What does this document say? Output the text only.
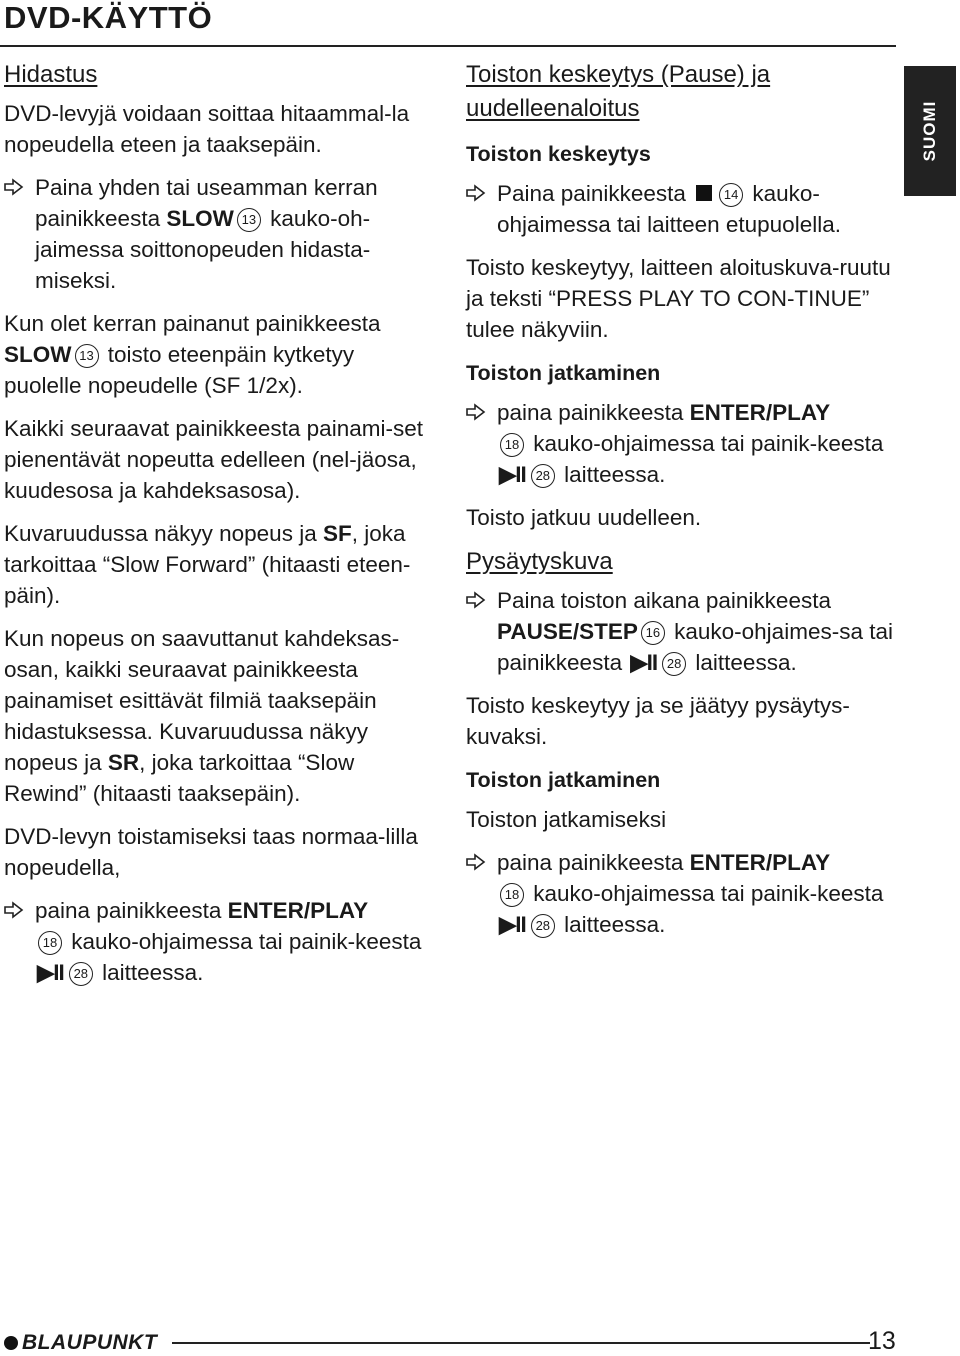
DVD-KÄYTTÖ
SUOMI
Hidastus

DVD-levyjä voidaan soittaa hitaammal-la nopeudella eteen ja taaksepäin.

Paina yhden tai useamman kerran painikkeesta SLOW 13 kauko-oh-jaimessa soittonopeuden hidasta-miseksi.

Kun olet kerran painanut painikkeesta SLOW 13 toisto eteenpäin kytketyy puolelle nopeudelle (SF 1/2x).

Kaikki seuraavat painikkeesta painami-set pienentävät nopeutta edelleen (nel-jäosa, kuudesosa ja kahdeksasosa).

Kuvaruudussa näkyy nopeus ja SF, joka tarkoittaa “Slow Forward” (hitaasti eteen-päin).

Kun nopeus on saavuttanut kahdeksas-osan, kaikki seuraavat painikkeesta painamiset esittävät filmiä taaksepäin hidastuksessa. Kuvaruudussa näkyy nopeus ja SR, joka tarkoittaa “Slow Rewind” (hitaasti taaksepäin).

DVD-levyn toistamiseksi taas normaa-lilla nopeudella,

paina painikkeesta ENTER/PLAY
18 kauko-ohjaimessa tai painik-keesta ▶II 28 laitteessa.
Toiston keskeytys (Pause) ja uudelleenaloitus
Toiston keskeytys
Paina painikkeesta 14 kauko-ohjaimessa tai laitteen etupuolella.

Toisto keskeytyy, laitteen aloituskuva-ruutu ja teksti “PRESS PLAY TO CON-TINUE” tulee näkyviin.

Toiston jatkaminen
paina painikkeesta ENTER/PLAY
18 kauko-ohjaimessa tai painik-keesta ▶II 28 laitteessa.

Toisto jatkuu uudelleen.

Pysäytyskuva
Paina toiston aikana painikkeesta
PAUSE/STEP 16 kauko-ohjaimes-sa tai painikkeesta ▶II 28 laitteessa.

Toisto keskeytyy ja se jäätyy pysäytys-kuvaksi.

Toiston jatkaminen

Toiston jatkamiseksi

paina painikkeesta ENTER/PLAY
18 kauko-ohjaimessa tai painik-keesta ▶II 28 laitteessa.
BLAUPUNKT	13
